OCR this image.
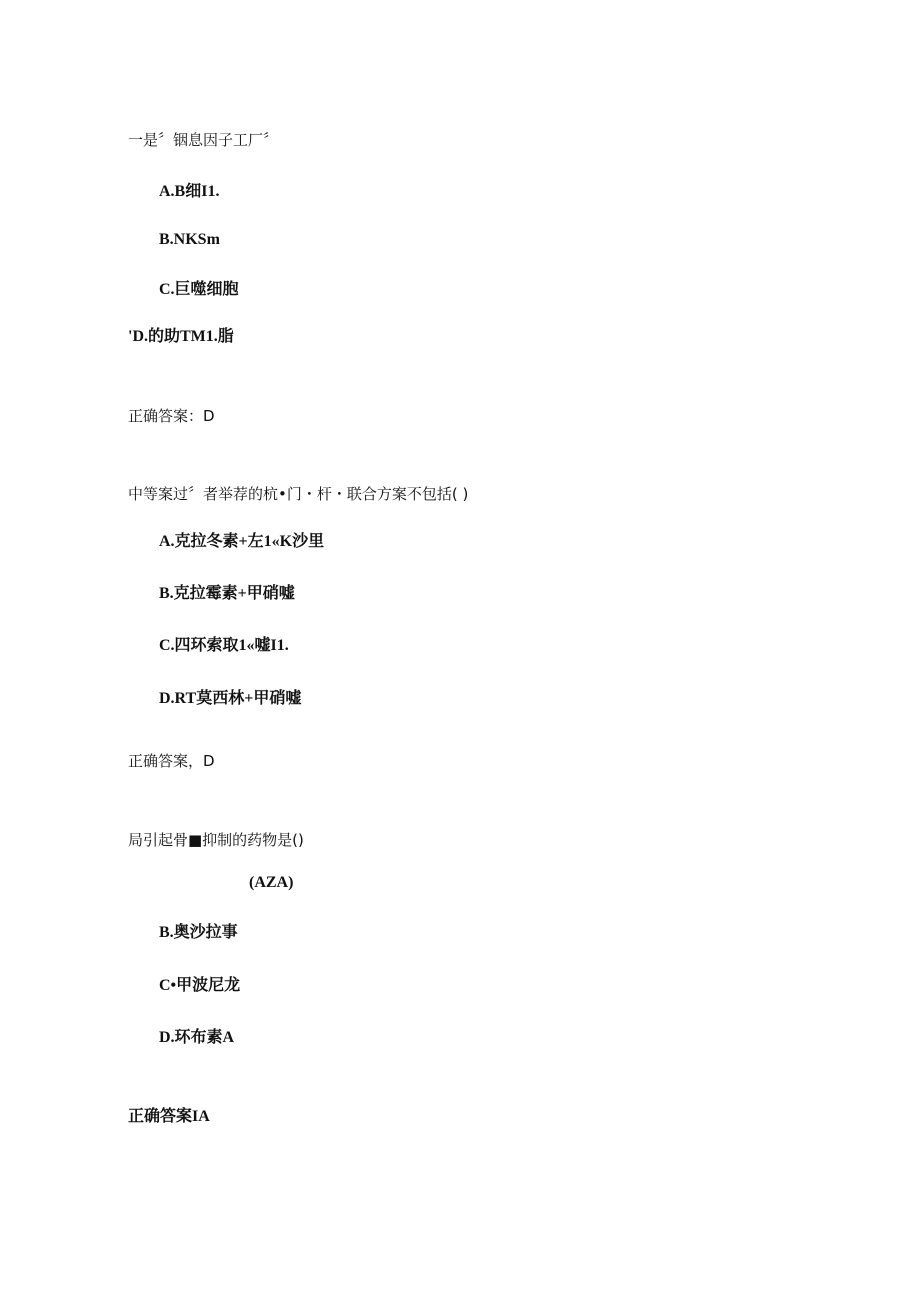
一是〞铟息因子工厂〞
A.B细I1.
B.NKSm
C.巨噬细胞
'D.的助TM1.脂
正确答案：D
中等案过〞者举荐的杭•门・杆・联合方案不包括( )
A.克拉冬素+左1«K沙里
B.克拉霉素+甲硝嘘
C.四环索取1«嘘I1.
D.RT莫西林+甲硝嘘
正确答案，D
局引起骨■抑制的药物是()
(AZA)
B.奥沙拉事
C•甲波尼龙
D.环布素A
正确答案IA
